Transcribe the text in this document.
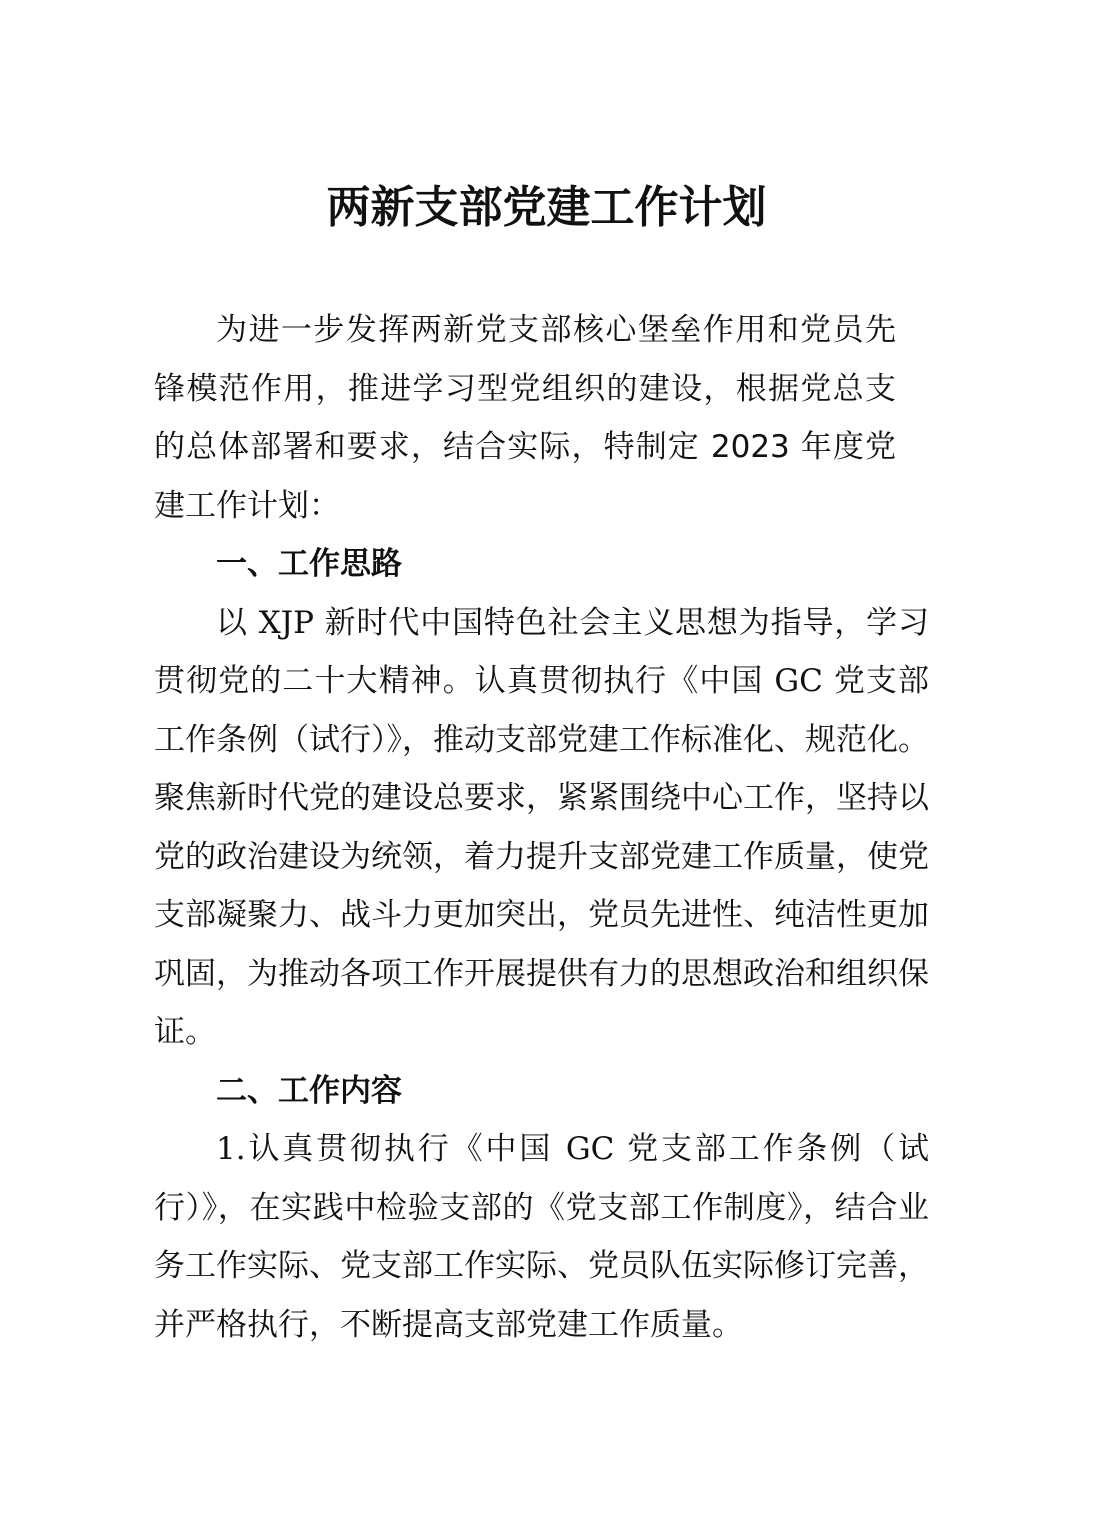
两新支部党建工作计划

为进一步发挥两新党支部核心堡垒作用和党员先锋模范作用，推进学习型党组织的建设，根据党总支的总体部署和要求，结合实际，特制定 2023 年度党建工作计划：

一、工作思路

以 XJP 新时代中国特色社会主义思想为指导，学习贯彻党的二十大精神。认真贯彻执行《中国 GC 党支部工作条例（试行）》，推动支部党建工作标准化、规范化。聚焦新时代党的建设总要求，紧紧围绕中心工作，坚持以党的政治建设为统领，着力提升支部党建工作质量，使党支部凝聚力、战斗力更加突出，党员先进性、纯洁性更加巩固，为推动各项工作开展提供有力的思想政治和组织保证。

二、工作内容

1.认真贯彻执行《中国 GC 党支部工作条例（试行）》，在实践中检验支部的《党支部工作制度》，结合业务工作实际、党支部工作实际、党员队伍实际修订完善，并严格执行，不断提高支部党建工作质量。
